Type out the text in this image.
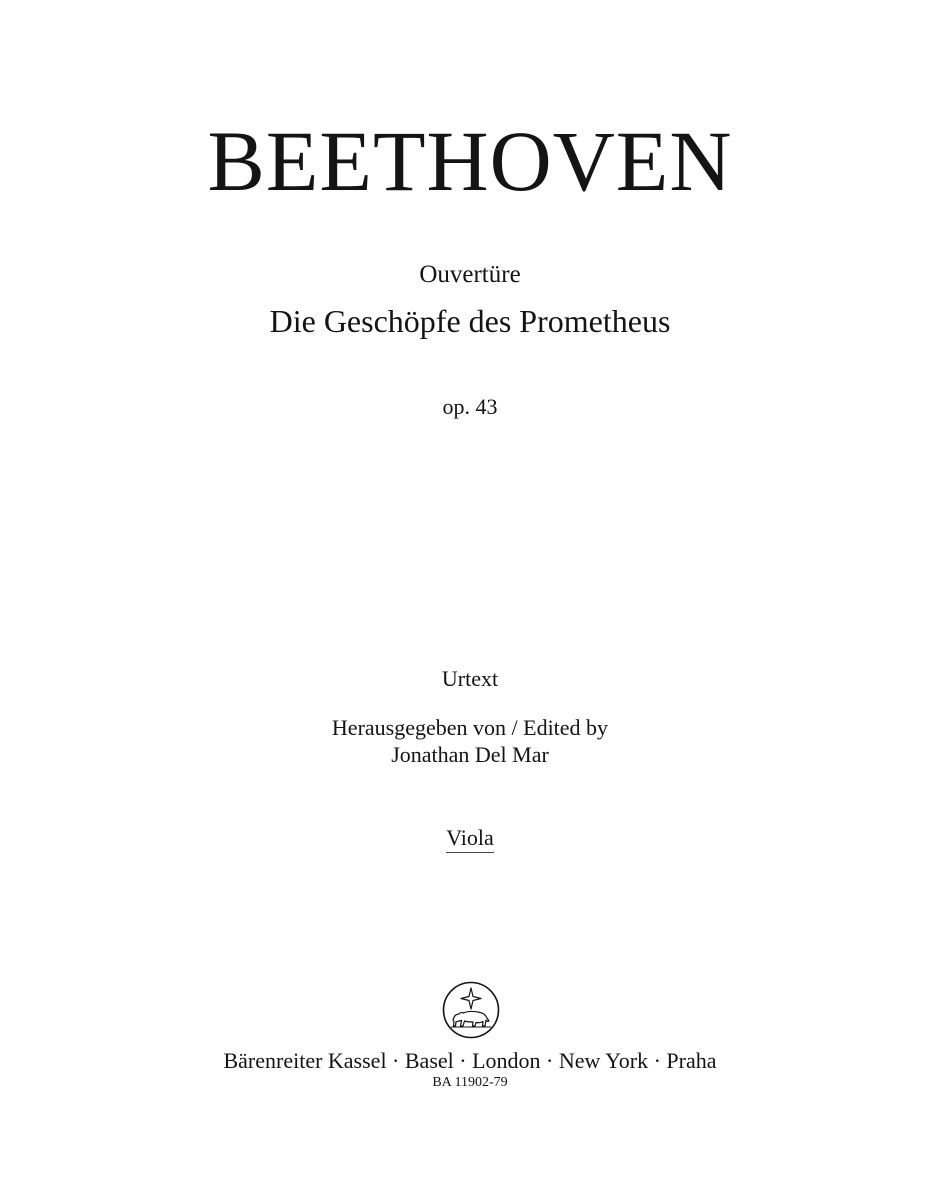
BEETHOVEN
Ouvertüre
Die Geschöpfe des Prometheus
op. 43
Urtext
Herausgegeben von / Edited by
Jonathan Del Mar
Viola
Bärenreiter Kassel · Basel · London · New York · Praha
BA 11902-79
